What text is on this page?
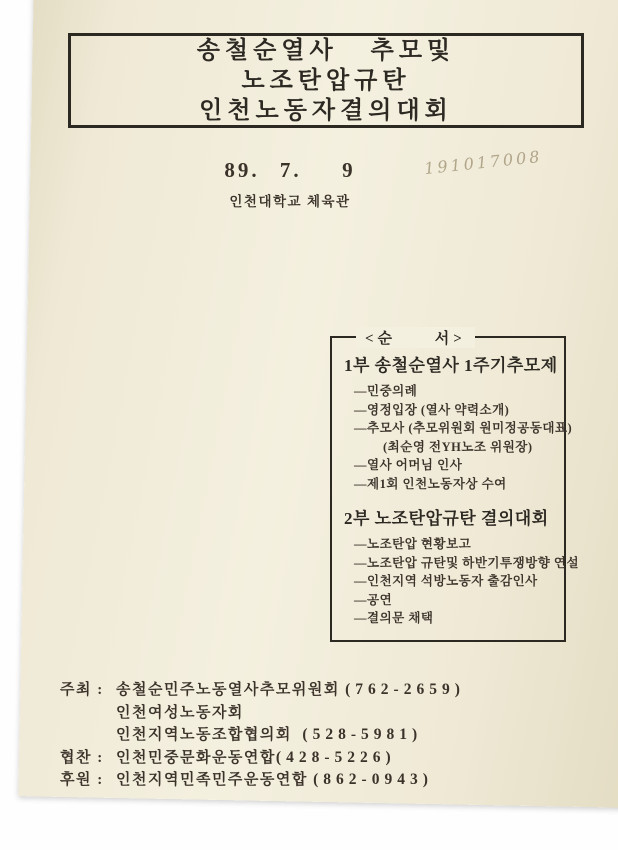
송철순열사   추모및
노조탄압규탄
인천노동자결의대회
89. 7.  9
인천대학교 체육관
191017008
<순     서>
1부 송철순열사 1주기추모제
—민중의례
—영정입장 (열사 약력소개)
—추모사 (추모위원회 원미정공동대표)
(최순영 전YH노조 위원장)
—열사 어머님 인사
—제1회 인천노동자상 수여
2부 노조탄압규탄 결의대회
—노조탄압 현황보고
—노조탄압 규탄및 하반기투쟁방향 연설
—인천지역 석방노동자 출감인사
—공연
—결의문 채택
주최 : 송철순민주노동열사추모위원회 (762-2659)
인천여성노동자회
인천지역노동조합협의회  (528-5981)
협찬 : 인천민중문화운동연합(428-5226)
후원 : 인천지역민족민주운동연합 (862-0943)
